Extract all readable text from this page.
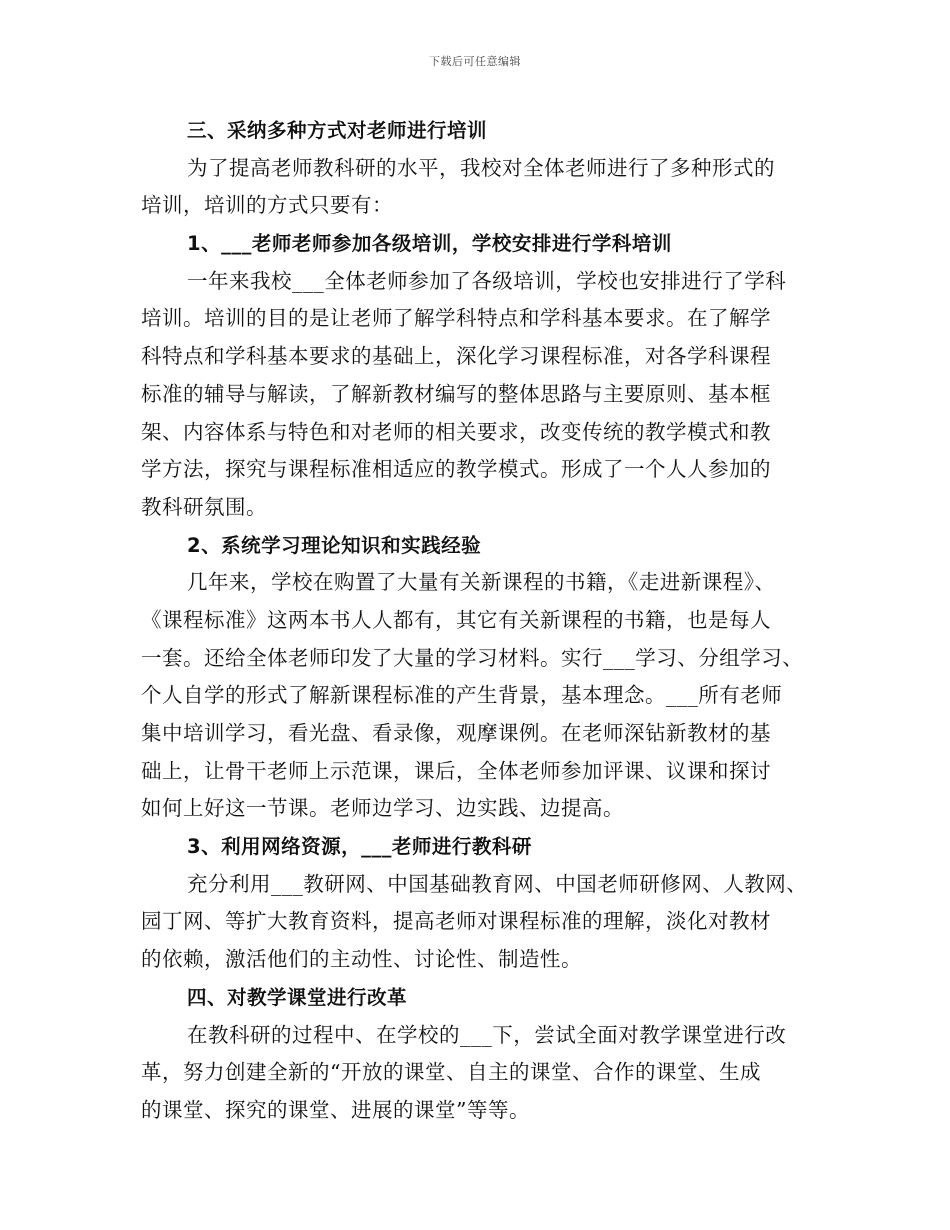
下载后可任意编辑
三、采纳多种方式对老师进行培训
为了提高老师教科研的水平，我校对全体老师进行了多种形式的
培训，培训的方式只要有：
1、___老师老师参加各级培训，学校安排进行学科培训
一年来我校___全体老师参加了各级培训，学校也安排进行了学科
培训。培训的目的是让老师了解学科特点和学科基本要求。在了解学
科特点和学科基本要求的基础上，深化学习课程标准，对各学科课程
标准的辅导与解读，了解新教材编写的整体思路与主要原则、基本框
架、内容体系与特色和对老师的相关要求，改变传统的教学模式和教
学方法，探究与课程标准相适应的教学模式。形成了一个人人参加的
教科研氛围。
2、系统学习理论知识和实践经验
几年来，学校在购置了大量有关新课程的书籍，《走进新课程》、
《课程标准》这两本书人人都有，其它有关新课程的书籍，也是每人
一套。还给全体老师印发了大量的学习材料。实行___学习、分组学习、
个人自学的形式了解新课程标准的产生背景，基本理念。___所有老师
集中培训学习，看光盘、看录像，观摩课例。在老师深钻新教材的基
础上，让骨干老师上示范课，课后，全体老师参加评课、议课和探讨
如何上好这一节课。老师边学习、边实践、边提高。
3、利用网络资源，___老师进行教科研
充分利用___教研网、中国基础教育网、中国老师研修网、人教网、
园丁网、等扩大教育资料，提高老师对课程标准的理解，淡化对教材
的依赖，激活他们的主动性、讨论性、制造性。
四、对教学课堂进行改革
在教科研的过程中、在学校的___下，尝试全面对教学课堂进行改
革，努力创建全新的“开放的课堂、自主的课堂、合作的课堂、生成
的课堂、探究的课堂、进展的课堂”等等。
